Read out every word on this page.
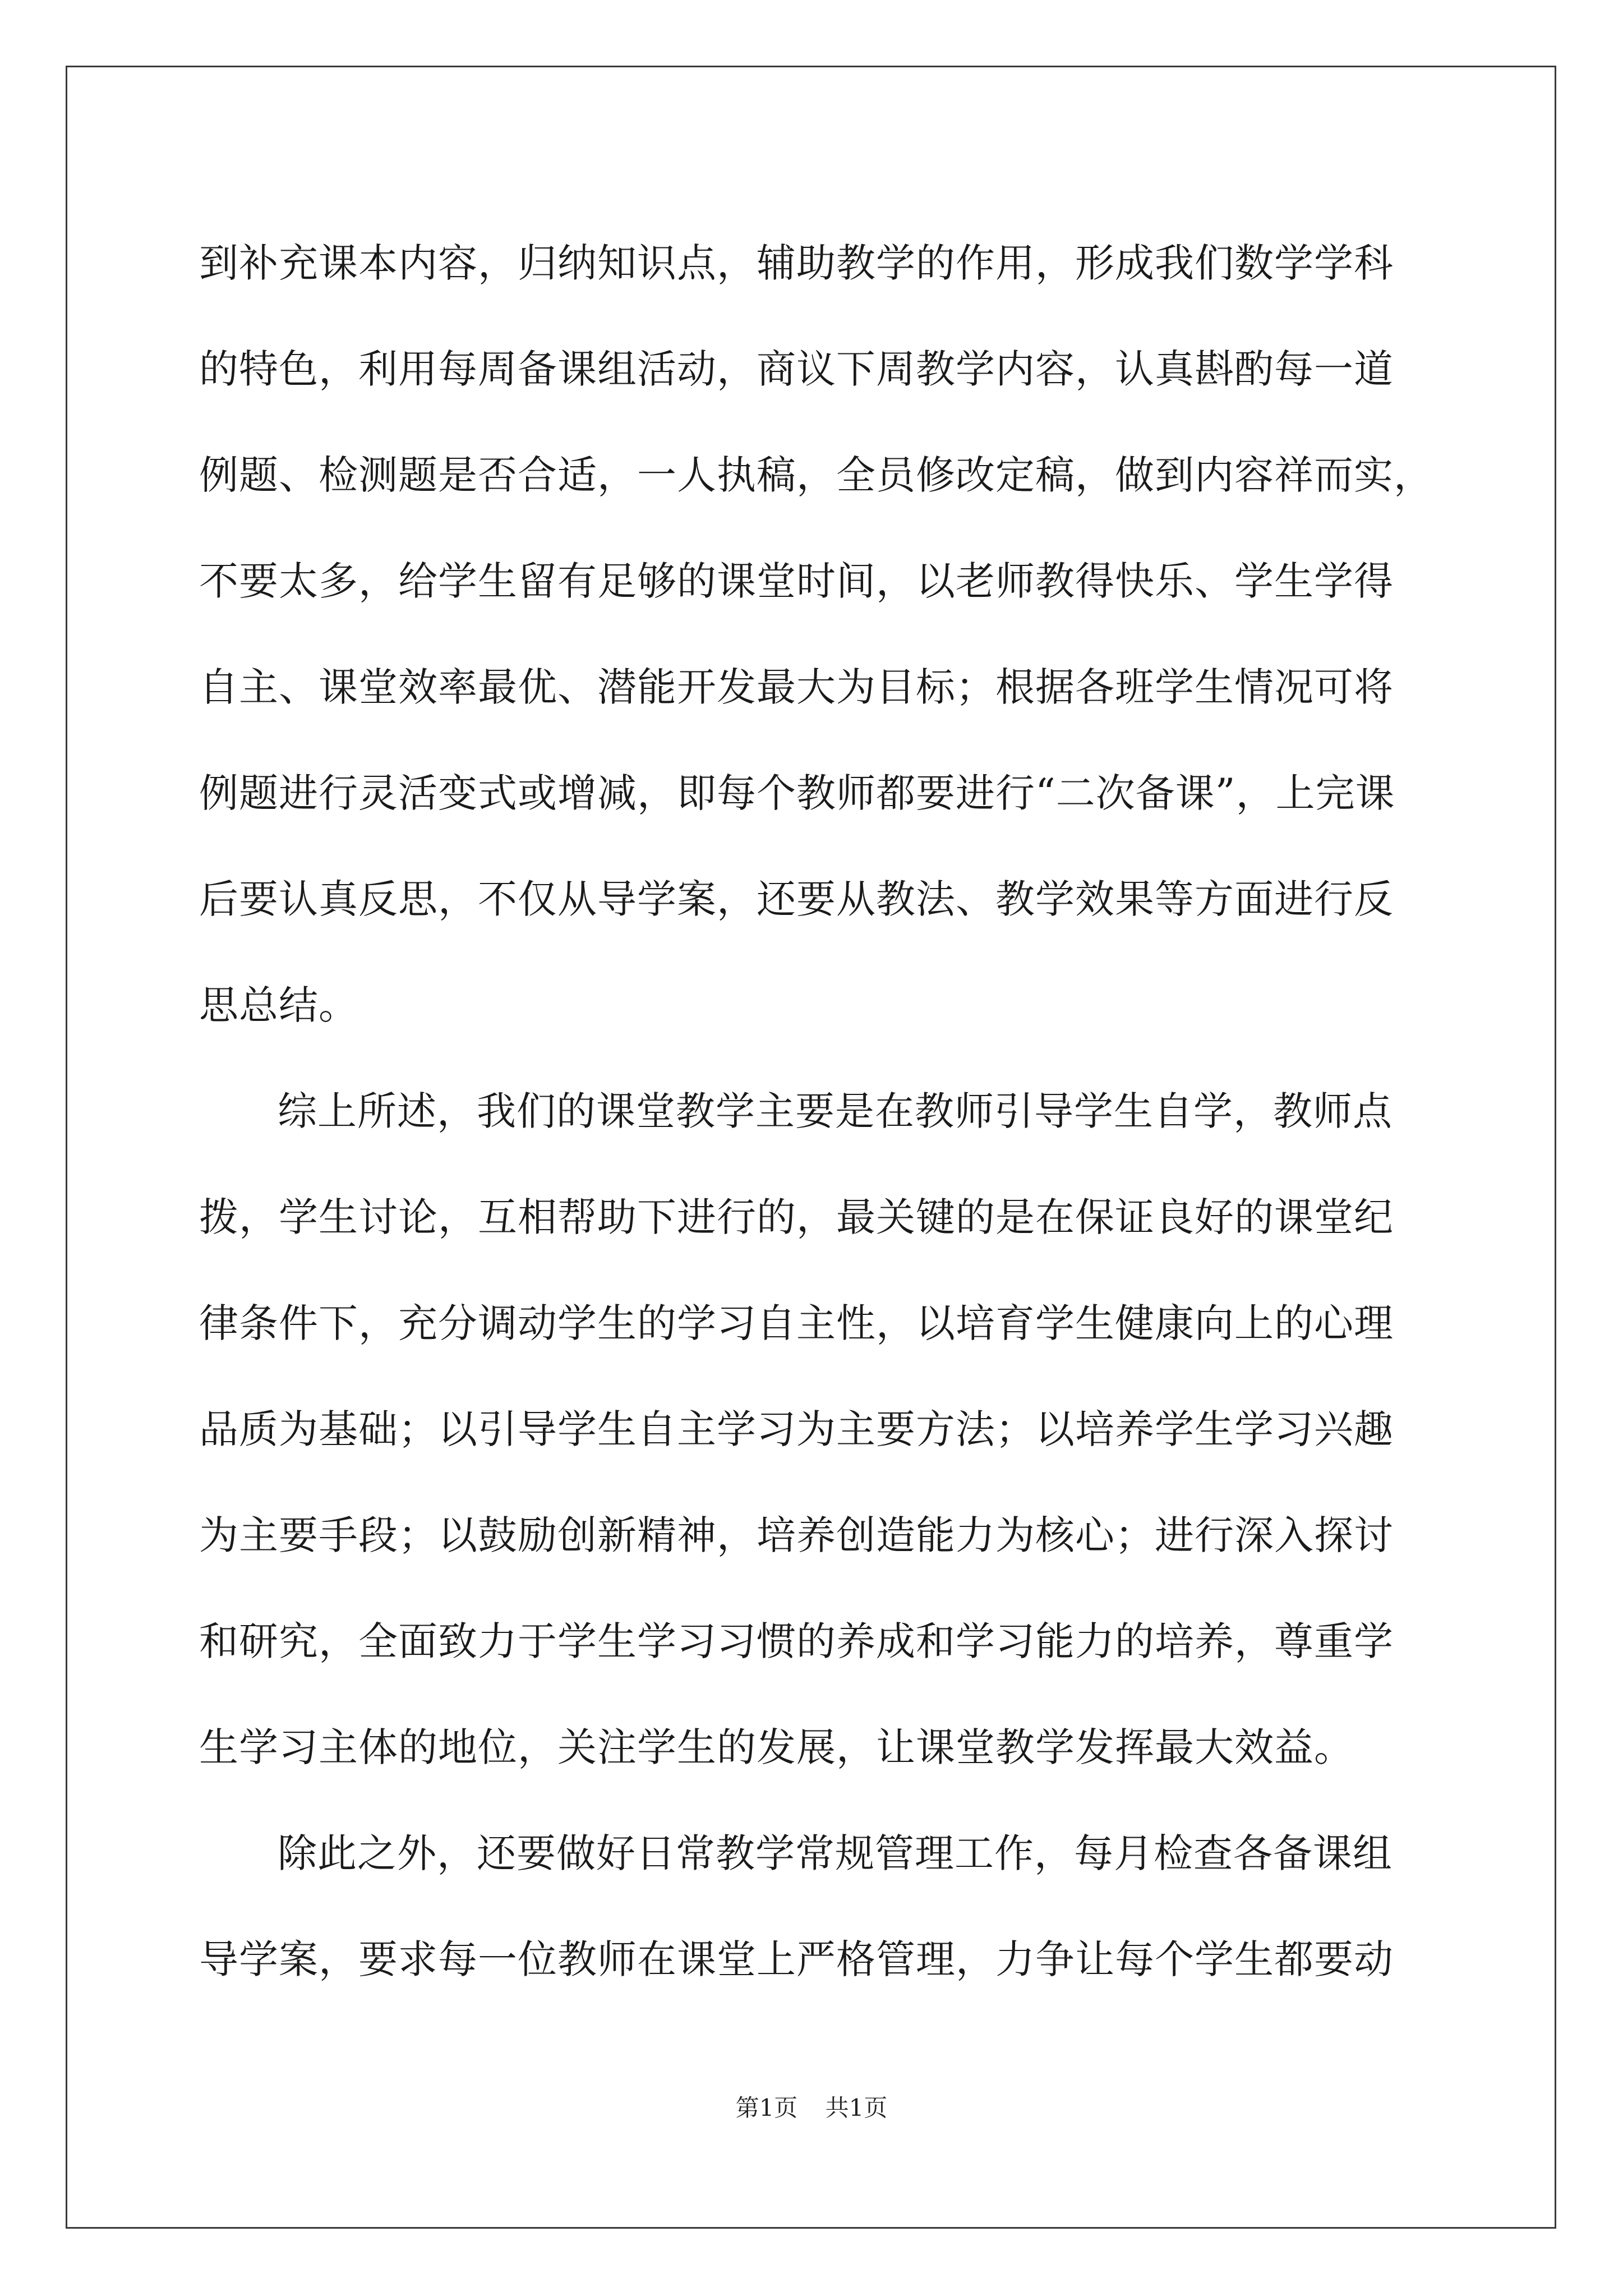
到补充课本内容，归纳知识点，辅助教学的作用，形成我们数学学科
的特色，利用每周备课组活动，商议下周教学内容，认真斟酌每一道
例题、检测题是否合适，一人执稿，全员修改定稿，做到内容祥而实，
不要太多，给学生留有足够的课堂时间，以老师教得快乐、学生学得
自主、课堂效率最优、潜能开发最大为目标；根据各班学生情况可将
例题进行灵活变式或增减，即每个教师都要进行“二次备课”，上完课
后要认真反思，不仅从导学案，还要从教法、教学效果等方面进行反
思总结。
综上所述，我们的课堂教学主要是在教师引导学生自学，教师点
拨，学生讨论，互相帮助下进行的，最关键的是在保证良好的课堂纪
律条件下，充分调动学生的学习自主性，以培育学生健康向上的心理
品质为基础；以引导学生自主学习为主要方法；以培养学生学习兴趣
为主要手段；以鼓励创新精神，培养创造能力为核心；进行深入探讨
和研究，全面致力于学生学习习惯的养成和学习能力的培养，尊重学
生学习主体的地位，关注学生的发展，让课堂教学发挥最大效益。
除此之外，还要做好日常教学常规管理工作，每月检查各备课组
导学案，要求每一位教师在课堂上严格管理，力争让每个学生都要动
第1页 共1页
